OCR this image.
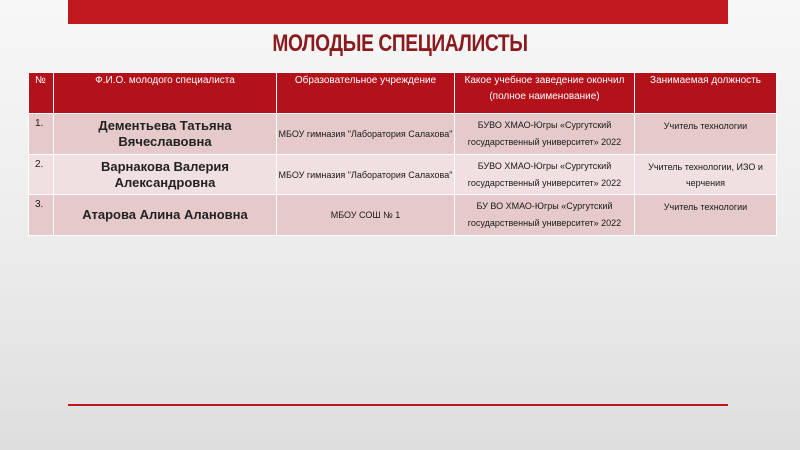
МОЛОДЫЕ СПЕЦИАЛИСТЫ
№	Ф.И.О. молодого специалиста	Образовательное учреждение	Какое учебное заведение окончил (полное наименование)	Занимаемая должность
1.	Дементьева Татьяна Вячеславовна	МБОУ гимназия "Лаборатория Салахова"	БУВО ХМАО-Югры «Сургутский
государственный университет» 2022	Учитель технологии
2.	Варнакова Валерия Александровна	МБОУ гимназия "Лаборатория Салахова"	БУВО ХМАО-Югры «Сургутский
государственный университет» 2022	Учитель технологии, ИЗО и черчения
3.	Атарова Алина Алановна	МБОУ СОШ № 1	БУ ВО ХМАО-Югры «Сургутский
государственный университет» 2022	Учитель технологии
